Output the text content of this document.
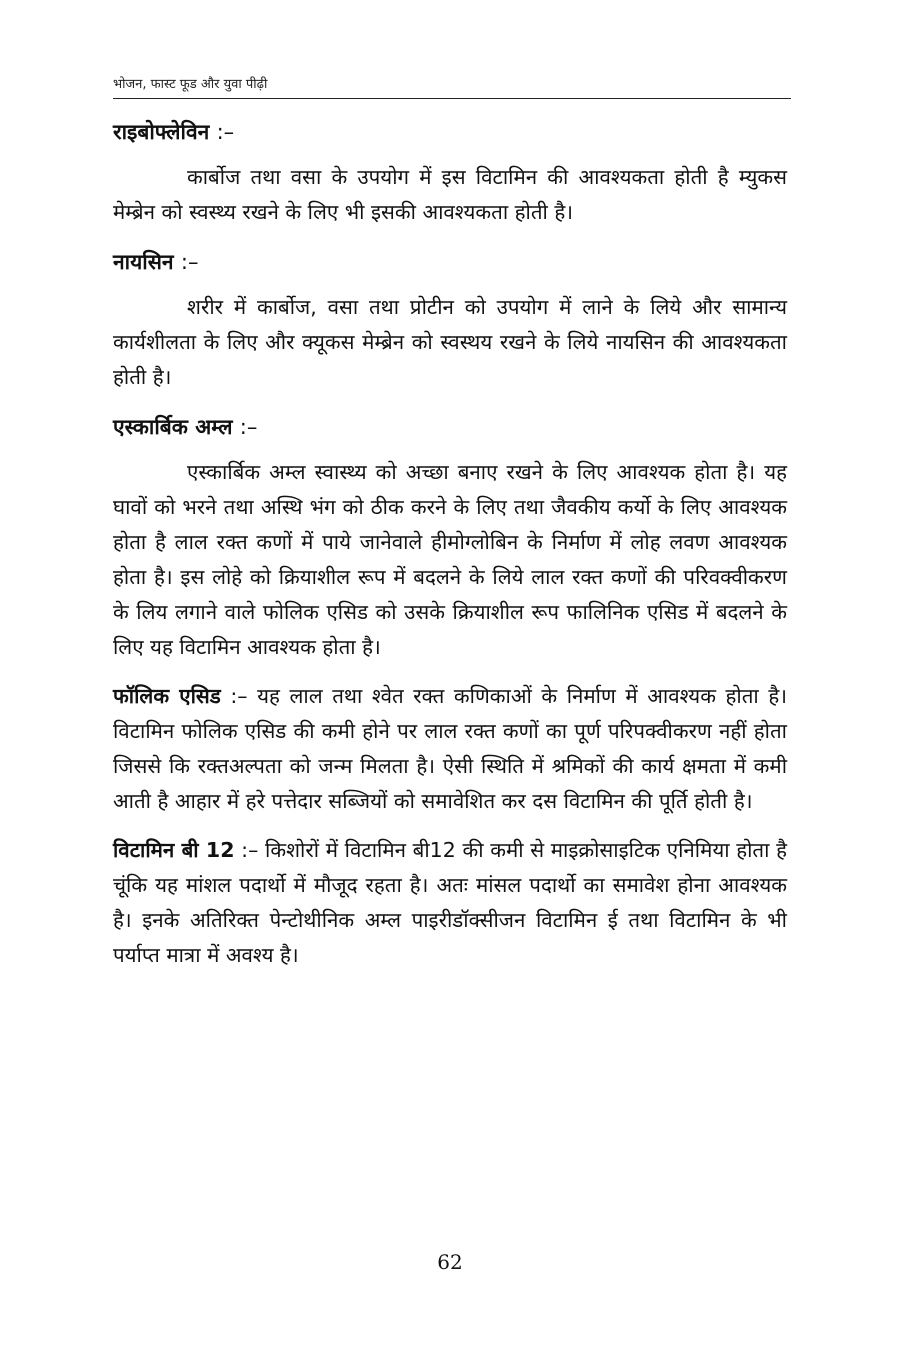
भोजन, फास्ट फूड और युवा पीढ़ी
राइबोफ्लेविन :–

कार्बोज तथा वसा के उपयोग में इस विटामिन की आवश्यकता होती है म्युकस मेम्ब्रेन को स्वस्थ्य रखने के लिए भी इसकी आवश्यकता होती है।

नायसिन :–

शरीर में कार्बोज, वसा तथा प्रोटीन को उपयोग में लाने के लिये और सामान्य कार्यशीलता के लिए और क्यूकस मेम्ब्रेन को स्वस्थय रखने के लिये नायसिन की आवश्यकता होती है।

एस्कार्बिक अम्ल :–

एस्कार्बिक अम्ल स्वास्थ्य को अच्छा बनाए रखने के लिए आवश्यक होता है। यह घावों को भरने तथा अस्थि भंग को ठीक करने के लिए तथा जैवकीय कर्यो के लिए आवश्यक होता है लाल रक्त कणों में पाये जानेवाले हीमोग्लोबिन के निर्माण में लोह लवण आवश्यक होता है। इस लोहे को क्रियाशील रूप में बदलने के लिये लाल रक्त कणों की परिवक्वीकरण के लिय लगाने वाले फोलिक एसिड को उसके क्रियाशील रूप फालिनिक एसिड में बदलने के लिए यह विटामिन आवश्यक होता है।

फॉलिक एसिड :– यह लाल तथा श्वेत रक्त कणिकाओं के निर्माण में आवश्यक होता है। विटामिन फोलिक एसिड की कमी होने पर लाल रक्त कणों का पूर्ण परिपक्वीकरण नहीं होता जिससे कि रक्तअल्पता को जन्म मिलता है। ऐसी स्थिति में श्रमिकों की कार्य क्षमता में कमी आती है आहार में हरे पत्तेदार सब्जियों को समावेशित कर दस विटामिन की पूर्ति होती है।

विटामिन बी 12 :– किशोरों में विटामिन बी12 की कमी से माइक्रोसाइटिक एनिमिया होता है चूंकि यह मांशल पदार्थो में मौजूद रहता है। अतः मांसल पदार्थो का समावेश होना आवश्यक है। इनके अतिरिक्त पेन्टोथीनिक अम्ल पाइरीडॉक्सीजन विटामिन ई तथा विटामिन के भी पर्याप्त मात्रा में अवश्य है।

62
